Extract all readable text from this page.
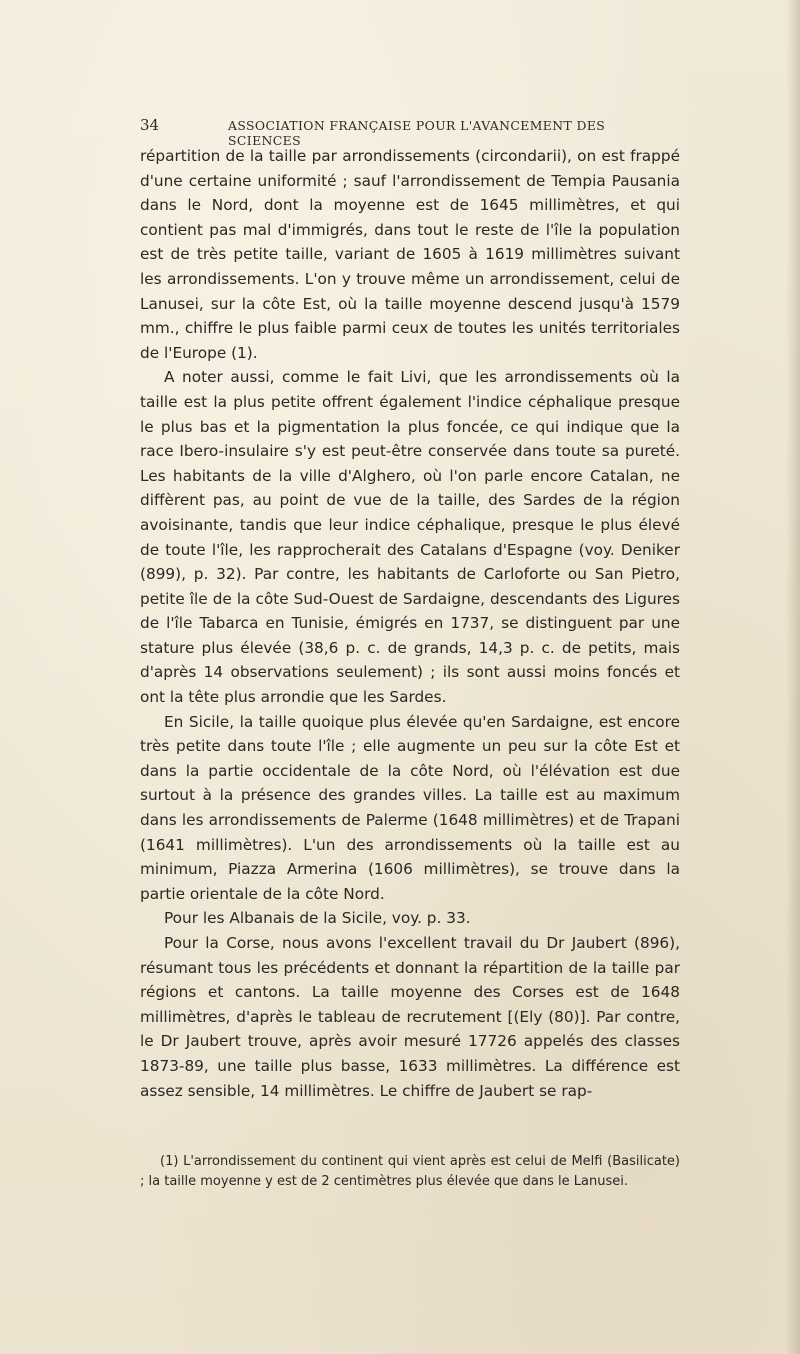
34	ASSOCIATION FRANÇAISE POUR L'AVANCEMENT DES SCIENCES

répartition de la taille par arrondissements (circondarii), on est frappé d'une certaine uniformité ; sauf l'arrondissement de Tempia Pausania dans le Nord, dont la moyenne est de 1645 millimètres, et qui contient pas mal d'immigrés, dans tout le reste de l'île la population est de très petite taille, variant de 1605 à 1619 millimètres suivant les arrondissements. L'on y trouve même un arrondissement, celui de Lanusei, sur la côte Est, où la taille moyenne descend jusqu'à 1579 mm., chiffre le plus faible parmi ceux de toutes les unités territoriales de l'Europe (1).

A noter aussi, comme le fait Livi, que les arrondissements où la taille est la plus petite offrent également l'indice céphalique presque le plus bas et la pigmentation la plus foncée, ce qui indique que la race Ibero-insulaire s'y est peut-être conservée dans toute sa pureté. Les habitants de la ville d'Alghero, où l'on parle encore Catalan, ne diffèrent pas, au point de vue de la taille, des Sardes de la région avoisinante, tandis que leur indice céphalique, presque le plus élevé de toute l'île, les rapprocherait des Catalans d'Espagne (voy. Deniker (899), p. 32). Par contre, les habitants de Carloforte ou San Pietro, petite île de la côte Sud-Ouest de Sardaigne, descendants des Ligures de l'île Tabarca en Tunisie, émigrés en 1737, se distinguent par une stature plus élevée (38,6 p. c. de grands, 14,3 p. c. de petits, mais d'après 14 observations seulement) ; ils sont aussi moins foncés et ont la tête plus arrondie que les Sardes.

En Sicile, la taille quoique plus élevée qu'en Sardaigne, est encore très petite dans toute l'île ; elle augmente un peu sur la côte Est et dans la partie occidentale de la côte Nord, où l'élévation est due surtout à la présence des grandes villes. La taille est au maximum dans les arrondissements de Palerme (1648 millimètres) et de Trapani (1641 millimètres). L'un des arrondissements où la taille est au minimum, Piazza Armerina (1606 millimètres), se trouve dans la partie orientale de la côte Nord.

Pour les Albanais de la Sicile, voy. p. 33.

Pour la Corse, nous avons l'excellent travail du Dr Jaubert (896), résumant tous les précédents et donnant la répartition de la taille par régions et cantons. La taille moyenne des Corses est de 1648 millimètres, d'après le tableau de recrutement [(Ely (80)]. Par contre, le Dr Jaubert trouve, après avoir mesuré 17726 appelés des classes 1873-89, une taille plus basse, 1633 millimètres. La différence est assez sensible, 14 millimètres. Le chiffre de Jaubert se rap-

(1) L'arrondissement du continent qui vient après est celui de Melfi (Basilicate) ; la taille moyenne y est de 2 centimètres plus élevée que dans le Lanusei.
